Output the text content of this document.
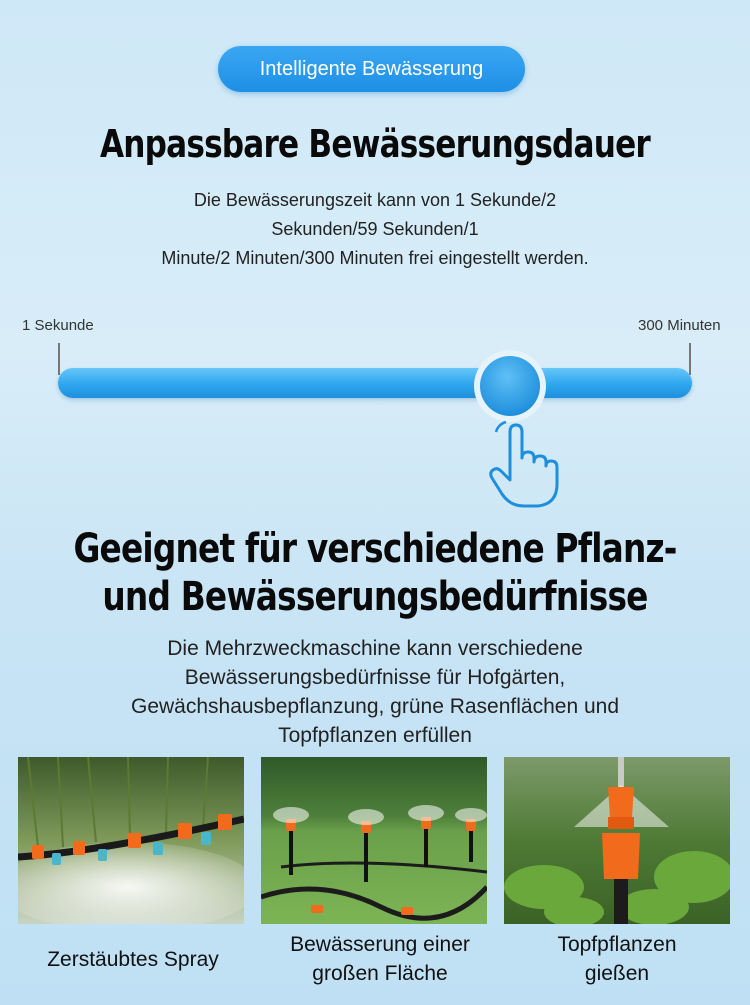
Intelligente Bewässerung
Anpassbare Bewässerungsdauer
Die Bewässerungszeit kann von 1 Sekunde/2
Sekunden/59 Sekunden/1
Minute/2 Minuten/300 Minuten frei eingestellt werden.
1 Sekunde	300 Minuten
Geeignet für verschiedene Pflanz-
und Bewässerungsbedürfnisse
Die Mehrzweckmaschine kann verschiedene
Bewässerungsbedürfnisse für Hofgärten,
Gewächshausbepflanzung, grüne Rasenflächen und
Topfpflanzen erfüllen
Zerstäubtes Spray
Bewässerung einer
großen Fläche
Topfpflanzen
gießen
